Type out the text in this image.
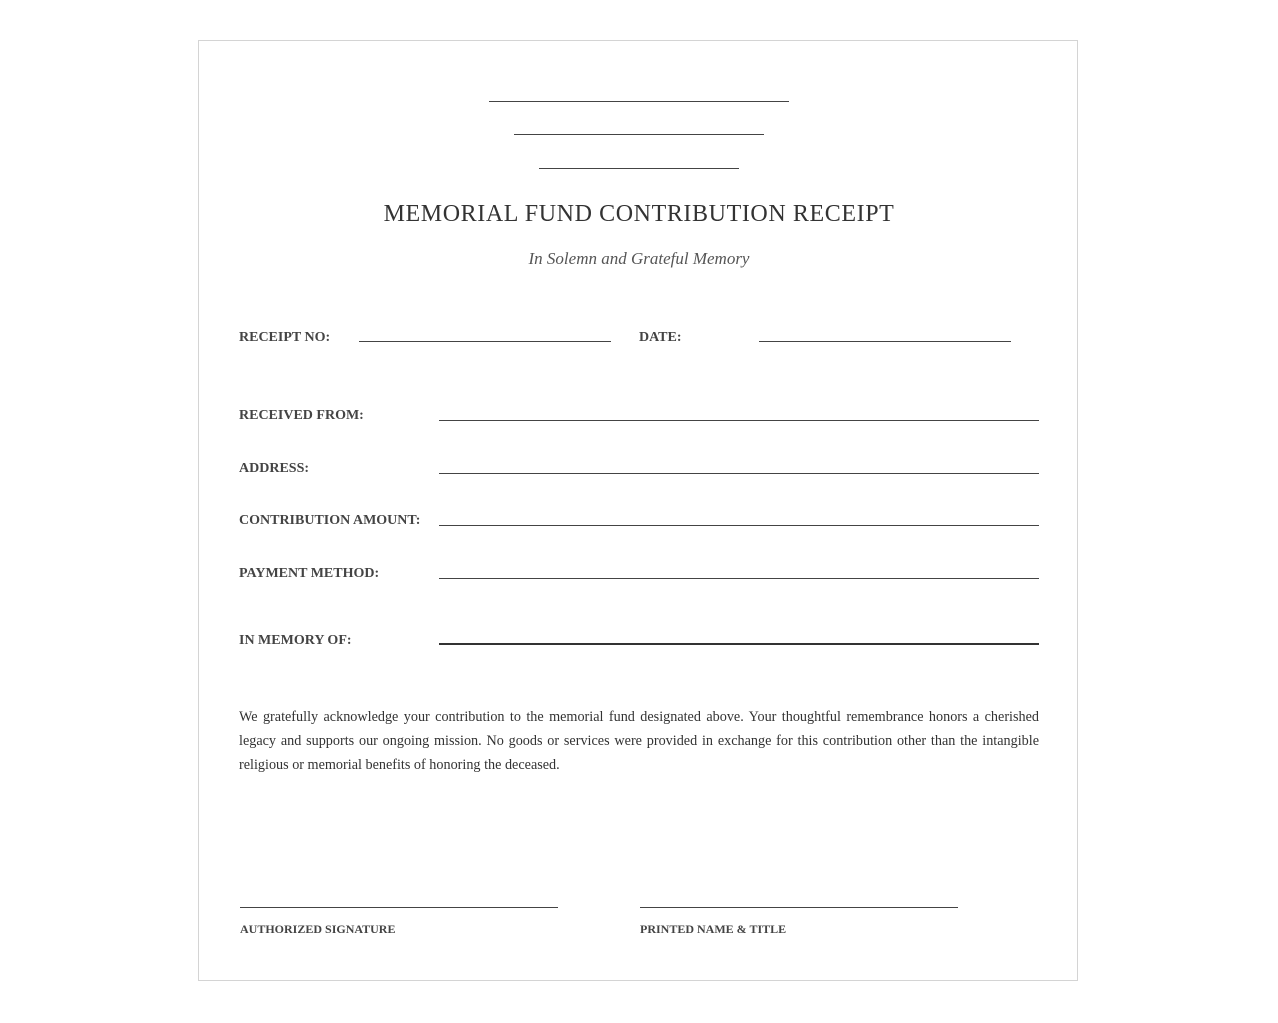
MEMORIAL FUND CONTRIBUTION RECEIPT
In Solemn and Grateful Memory
RECEIPT NO:	DATE:
RECEIVED FROM:
ADDRESS:
CONTRIBUTION AMOUNT:
PAYMENT METHOD:
IN MEMORY OF:

We gratefully acknowledge your contribution to the memorial fund designated above. Your thoughtful remembrance honors a cherished legacy and supports our ongoing mission. No goods or services were provided in exchange for this contribution other than the intangible religious or memorial benefits of honoring the deceased.

AUTHORIZED SIGNATURE	PRINTED NAME & TITLE
